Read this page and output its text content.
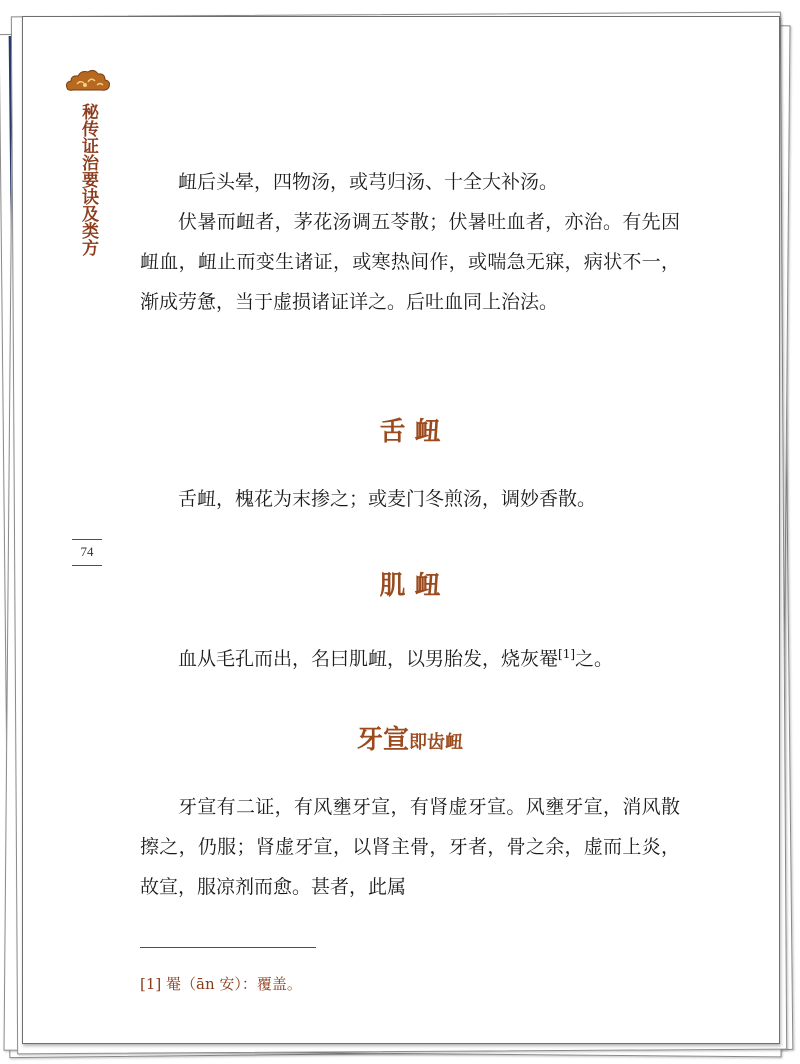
秘传证治要诀及类方
74

衄后头晕，四物汤，或芎归汤、十全大补汤。

伏暑而衄者，茅花汤调五苓散；伏暑吐血者，亦治。有先因衄血，衄止而变生诸证，或寒热间作，或喘急无寐，病状不一，渐成劳惫，当于虚损诸证详之。后吐血同上治法。

舌 衄

舌衄，槐花为末掺之；或麦门冬煎汤，调妙香散。

肌 衄

血从毛孔而出，名曰肌衄，以男胎发，烧灰罨[1]之。

牙宣即齿衄

牙宣有二证，有风壅牙宣，有肾虚牙宣。风壅牙宣，消风散擦之，仍服；肾虚牙宣，以肾主骨，牙者，骨之余，虚而上炎，故宣，服凉剂而愈。甚者，此属

[1] 罨（ān 安）：覆盖。
